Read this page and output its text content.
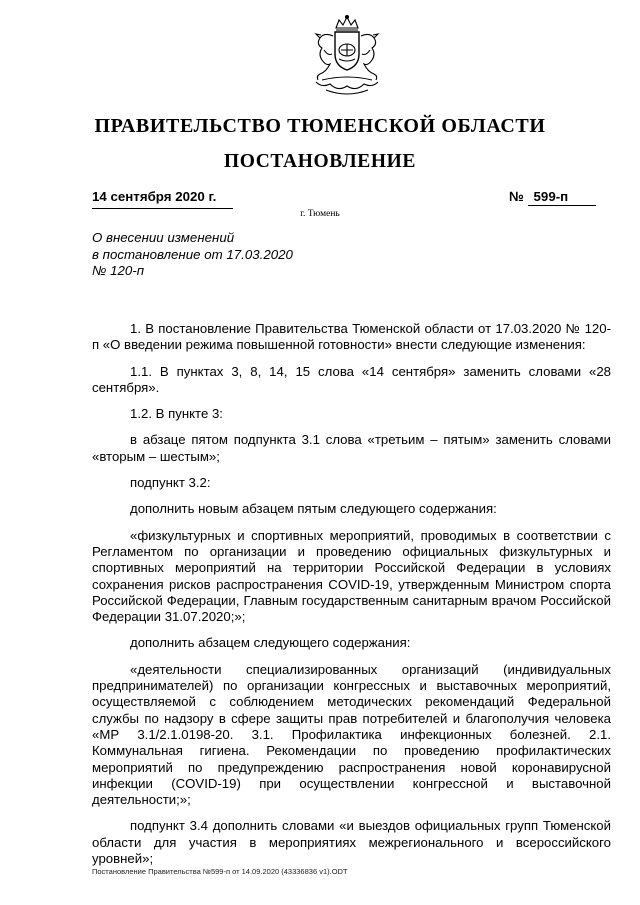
ПРАВИТЕЛЬСТВО ТЮМЕНСКОЙ ОБЛАСТИ
ПОСТАНОВЛЕНИЕ
14 сентября 2020 г.	№ 599-п
г. Тюмень
О внесении изменений
в постановление от 17.03.2020
№ 120-п

1. В постановление Правительства Тюменской области от 17.03.2020 № 120-п «О введении режима повышенной готовности» внести следующие изменения:

1.1. В пунктах 3, 8, 14, 15 слова «14 сентября» заменить словами «28 сентября».

1.2. В пункте 3:

в абзаце пятом подпункта 3.1 слова «третьим – пятым» заменить словами «вторым – шестым»;

подпункт 3.2:

дополнить новым абзацем пятым следующего содержания:

«физкультурных и спортивных мероприятий, проводимых в соответствии с Регламентом по организации и проведению официальных физкультурных и спортивных мероприятий на территории Российской Федерации в условиях сохранения рисков распространения COVID-19, утвержденным Министром спорта Российской Федерации, Главным государственным санитарным врачом Российской Федерации 31.07.2020;»;

дополнить абзацем следующего содержания:

«деятельности специализированных организаций (индивидуальных предпринимателей) по организации конгрессных и выставочных мероприятий, осуществляемой с соблюдением методических рекомендаций Федеральной службы по надзору в сфере защиты прав потребителей и благополучия человека «МР 3.1/2.1.0198-20. 3.1. Профилактика инфекционных болезней. 2.1. Коммунальная гигиена. Рекомендации по проведению профилактических мероприятий по предупреждению распространения новой коронавирусной инфекции (COVID-19) при осуществлении конгрессной и выставочной деятельности;»;

подпункт 3.4 дополнить словами «и выездов официальных групп Тюменской области для участия в мероприятиях межрегионального и всероссийского уровней»;

Постановление Правительства №599-п от 14.09.2020 (43336836 v1).ODT
